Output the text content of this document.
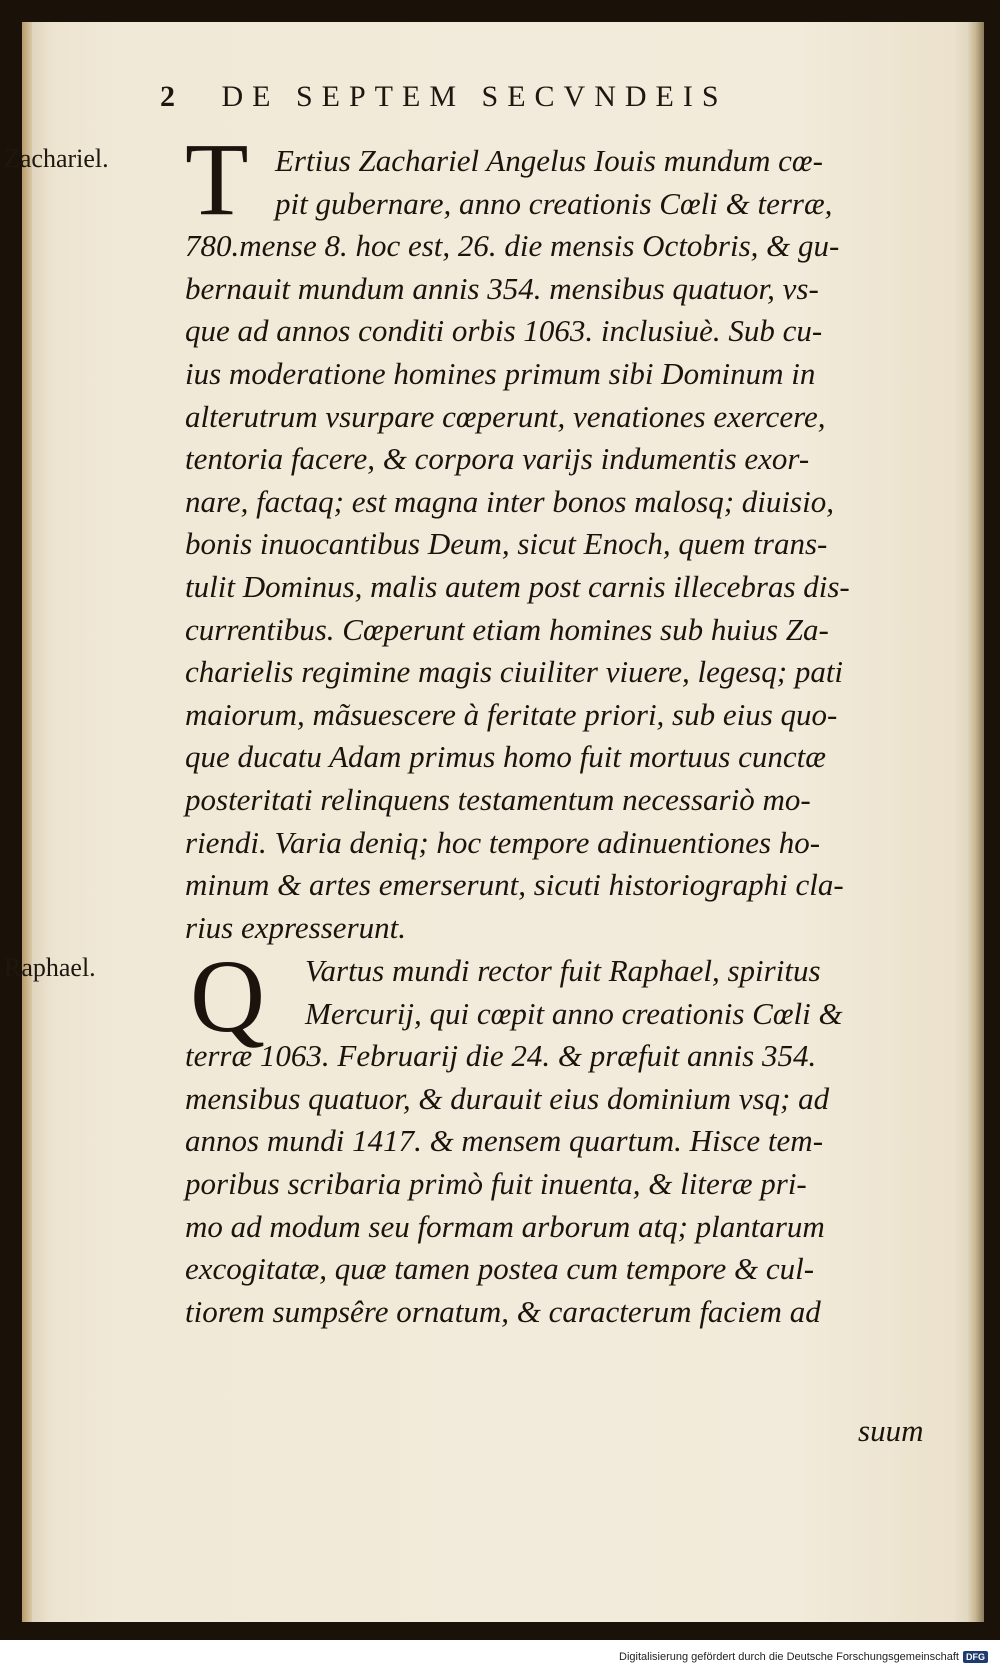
2 DE SEPTEM SECVNDEIS
Zachariel. T Ertius Zachariel Angelus Iouis mundum cœ-
pit gubernare, anno creationis Cœli & terræ,
780.mense 8. hoc est, 26. die mensis Octobris, & gu-
bernauit mundum annis 354. mensibus quatuor, vs-
que ad annos conditi orbis 1063. inclusiuè. Sub cu-
ius moderatione homines primum sibi Dominum in
alterutrum vsurpare cœperunt, venationes exercere,
tentoria facere, & corpora varijs indumentis exor-
nare, factaq; est magna inter bonos malosq; diuisio,
bonis inuocantibus Deum, sicut Enoch, quem trans-
tulit Dominus, malis autem post carnis illecebras dis-
currentibus. Cœperunt etiam homines sub huius Za-
charielis regimine magis ciuiliter viuere, legesq; pati
maiorum, mãsuescere à feritate priori, sub eius quo-
que ducatu Adam primus homo fuit mortuus cunctæ
posteritati relinquens testamentum necessariò mo-
riendi. Varia deniq; hoc tempore adinuentiones ho-
minum & artes emerserunt, sicuti historiographi cla-
rius expresserunt.
Raphael. Q	Vartus mundi rector fuit Raphael, spiritus
Mercurij, qui cœpit anno creationis Cœli &
terræ 1063. Februarij die 24. & præfuit annis 354.
mensibus quatuor, & durauit eius dominium vsq; ad
annos mundi 1417. & mensem quartum. Hisce tem-
poribus scribaria primò fuit inuenta, & literæ pri-
mo ad modum seu formam arborum atq; plantarum
excogitatæ, quæ tamen postea cum tempore & cul-
tiorem sumpsêre ornatum, & caracterum faciem ad
suum
Digitalisierung gefördert durch die Deutsche Forschungsgemeinschaft DFG
